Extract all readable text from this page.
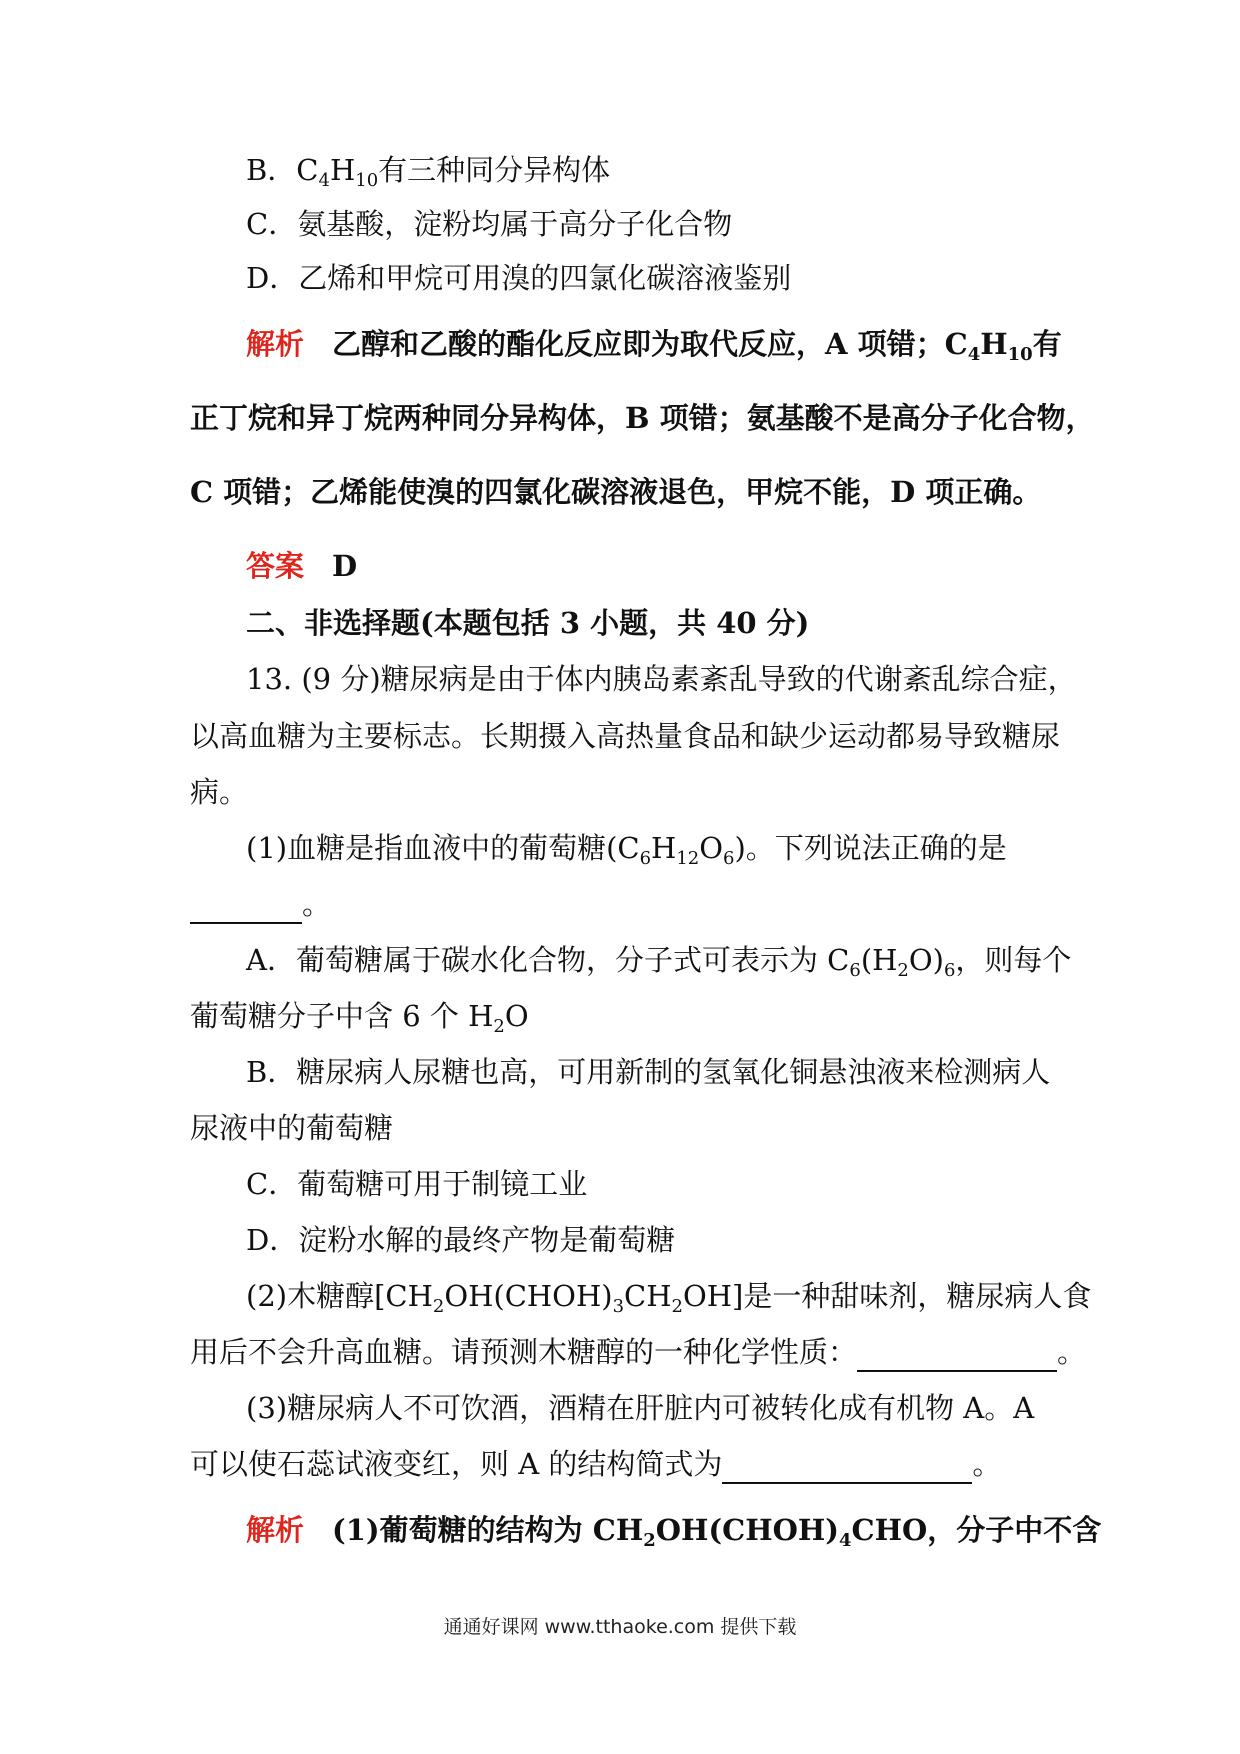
B．$C_4H_{10}$有三种同分异构体
C．氨基酸，淀粉均属于高分子化合物
D．乙烯和甲烷可用溴的四氯化碳溶液鉴别
解析 乙醇和乙酸的酯化反应即为取代反应，A 项错；$C_4H_{10}$有
正丁烷和异丁烷两种同分异构体，B 项错；氨基酸不是高分子化合物，
C 项错；乙烯能使溴的四氯化碳溶液退色，甲烷不能，D 项正确。
答案 D
二、非选择题(本题包括 3 小题，共 40 分)
13. (9 分)糖尿病是由于体内胰岛素紊乱导致的代谢紊乱综合症，
以高血糖为主要标志。长期摄入高热量食品和缺少运动都易导致糖尿
病。
(1)血糖是指血液中的葡萄糖$(C_6H_{12}O_6)$。下列说法正确的是
。
A．葡萄糖属于碳水化合物，分子式可表示为 $C_6(H_2O)_6$，则每个
葡萄糖分子中含 6 个 $H_2O$
B．糖尿病人尿糖也高，可用新制的氢氧化铜悬浊液来检测病人
尿液中的葡萄糖
C．葡萄糖可用于制镜工业
D．淀粉水解的最终产物是葡萄糖
(2)木糖醇$[CH_2OH(CHOH)_3CH_2OH]$是一种甜味剂，糖尿病人食
用后不会升高血糖。请预测木糖醇的一种化学性质：	。
(3)糖尿病人不可饮酒，酒精在肝脏内可被转化成有机物 A。A
可以使石蕊试液变红，则 A 的结构简式为	。
解析 (1)葡萄糖的结构为 $CH_2OH(CHOH)_4CHO$，分子中不含
通通好课网 www.tthaoke.com 提供下载
